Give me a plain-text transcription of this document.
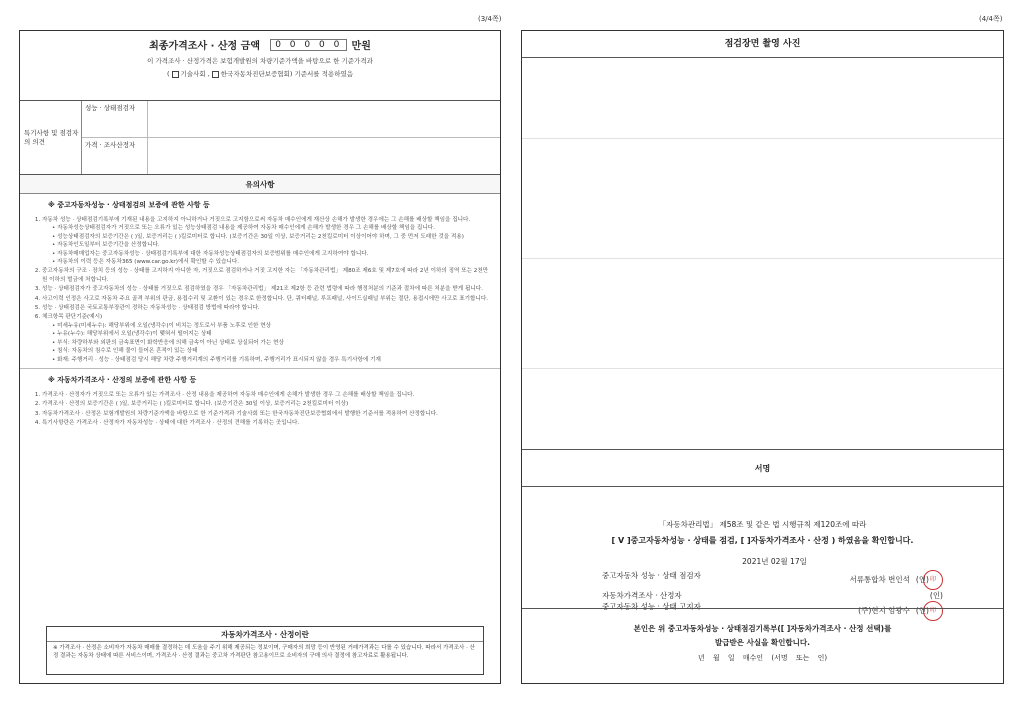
(3/4쪽)	(4/4쪽)
최종가격조사 · 산정 금액 0 0 0 0 0 만원
이 가격조사 · 산정가격은 보험개발원의 차량기준가액을 바탕으로 한 기준가격과
( 기술사회 , 한국자동차진단보증협회) 기준서를 적용하였음
특기사항 및 점검자의 의견
성능 · 상태점검자
가격 · 조사산정자
유의사항
※ 중고자동차성능 · 상태점검의 보증에 관한 사항 등
1. 자동차 성능 · 상태점검기록부에 기재된 내용을 고지하지 아니하거나 거짓으로 고지함으로써 자동차 매수인에게 재산상 손해가 발생한 경우에는 그 손해를 배상할 책임을 집니다.
• 자동차성능상태점검자가 거짓으로 또는 오류가 있는 성능상태점검 내용을 제공하여 자동차 매수인에게 손해가 발생한 경우 그 손해를 배상할 책임을 집니다.
• 성능상태점검자의 보증기간은 ( )일, 보증거리는 ( )킬로미터로 합니다. (보증기간은 30일 이상, 보증거리는 2천킬로미터 이상이어야 하며, 그 중 먼저 도래한 것을 적용)
• 자동차인도일부터 보증기간을 산정합니다.
• 자동차매매업자는 중고자동차성능 · 상태점검기록부에 대한 자동차성능상태점검자의 보증범위를 매수인에게 고지하여야 합니다.
• 자동차의 이력 등은 자동차365 (www.car.go.kr)에서 확인할 수 있습니다.
2. 중고자동차의 구조 · 장치 등의 성능 · 상태를 고지하지 아니한 자, 거짓으로 점검하거나 거짓 고지한 자는 「자동차관리법」 제80조 제6호 및 제7호에 따라 2년 이하의 징역 또는 2천만원 이하의 벌금에 처합니다.
3. 성능 · 상태점검자가 중고자동차의 성능 · 상태를 거짓으로 점검하였을 경우 「자동차관리법」 제21조 제2항 등 관련 법령에 따라 행정처분의 기준과 절차에 따른 처분을 받게 됩니다.
4. 사고이력 인정은 사고로 자동차 주요 골격 부위의 판금, 용접수리 및 교환이 있는 경우로 한정합니다. 단, 쿼터패널, 루프패널, 사이드실패널 부위는 절단, 용접시에만 사고로 표기합니다.
5. 성능 · 상태점검은 국토교통부장관이 정하는 자동차성능 · 상태점검 방법에 따라야 합니다.
6. 체크항목 판단기준(예시)
• 미세누유(미세누수): 해당부위에 오일(냉각수)이 비치는 정도로서 부품 노후로 인한 현상
• 누유(누수): 해당부위에서 오일(냉각수)이 맺혀서 떨어지는 상태
• 부식: 차량하부와 외판의 금속표면이 화학반응에 의해 금속이 아닌 상태로 상실되어 가는 현상
• 침식: 자동차의 침수로 인해 물이 들어온 흔적이 있는 상태
• 화재: 주행거리 · 성능 · 상태점검 당시 해당 차량 주행거리계의 주행거리를 기록하며, 주행거리가 표시되지 않을 경우 특기사항에 기재
※ 자동차가격조사 · 산정의 보증에 관한 사항 등
1. 가격조사 · 산정자가 거짓으로 또는 오류가 있는 가격조사 · 산정 내용을 제공하여 자동차 매수인에게 손해가 발생한 경우 그 손해를 배상할 책임을 집니다.
2. 가격조사 · 산정의 보증기간은 ( )일, 보증거리는 ( )킬로미터로 합니다. (보증기간은 30일 이상, 보증거리는 2천킬로미터 이상)
3. 자동차가격조사 · 산정은 보험개발원의 차량기준가액을 바탕으로 한 기준가격과 기술사회 또는 한국자동차진단보증협회에서 발행한 기준서를 적용하여 산정합니다.
4. 특기사항란은 가격조사 · 산정자가 자동차성능 · 상태에 대한 가격조사 · 산정의 견해를 기록하는 곳입니다.
자동차가격조사 · 산정이란
※ 가격조사 · 산정은 소비자가 자동차 매매를 결정하는 데 도움을 주기 위해 제공되는 정보이며, 구매자의 희망 등이 반영된 거래가격과는 다를 수 있습니다. 따라서 가격조사 · 산정 결과는 자동차 상태에 따른 서비스이며, 가격조사 · 산정 결과는 중고차 가격판단 참고용이므로 소비자의 구매 의사 결정에 참고자료로 활용됩니다.
점검장면 촬영 사진
서명
「자동차관리법」 제58조 및 같은 법 시행규칙 제120조에 따라
[ V ]중고자동차성능 · 상태를 점검, [ ]자동차가격조사 · 산정 ) 하였음을 확인합니다.
2021년 02월 17일
중고자동차 성능 · 상태 점검자	서류통합차 번인석 (인)印
자동차가격조사 · 산정자	(인)
중고자동차 성능 · 상태 고지자	(주)현지 임광수 (인)印
본인은 위 중고자동차성능 · 상태점검기록부([ ]자동차가격조사 · 산정 선택)를
발급받은 사실을 확인합니다.
년 월 일 매수인 (서명 또는 인)
